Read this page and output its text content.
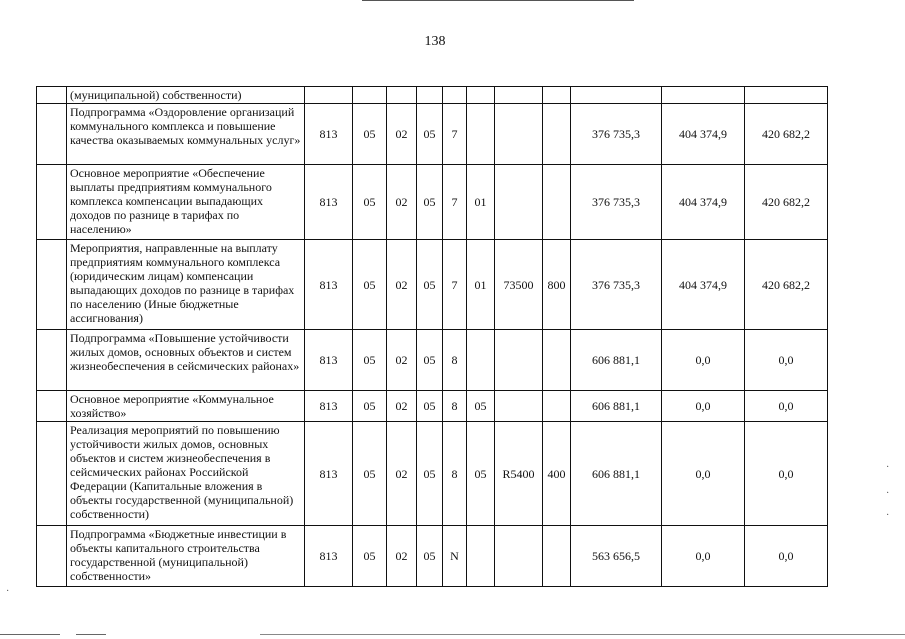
138
	(муниципальной) собственности)											
	Подпрограмма «Оздоровление организаций коммунального комплекса и повышение качества оказываемых коммунальных услуг»	813	05	02	05	7				376 735,3	404 374,9	420 682,2
	Основное мероприятие «Обеспечение выплаты предприятиям коммунального комплекса компенсации выпадающих доходов по разнице в тарифах по населению»	813	05	02	05	7	01			376 735,3	404 374,9	420 682,2
	Мероприятия, направленные на выплату предприятиям коммунального комплекса (юридическим лицам) компенсации выпадающих доходов по разнице в тарифах по населению (Иные бюджетные ассигнования)	813	05	02	05	7	01	73500	800	376 735,3	404 374,9	420 682,2
	Подпрограмма «Повышение устойчивости жилых домов, основных объектов и систем жизнеобеспечения в сейсмических районах»	813	05	02	05	8				606 881,1	0,0	0,0
	Основное мероприятие «Коммунальное хозяйство»	813	05	02	05	8	05			606 881,1	0,0	0,0
	Реализация мероприятий по повышению устойчивости жилых домов, основных объектов и систем жизнеобеспечения в сейсмических районах Российской Федерации (Капитальные вложения в объекты государственной (муниципальной) собственности)	813	05	02	05	8	05	R5400	400	606 881,1	0,0	0,0
	Подпрограмма «Бюджетные инвестиции в объекты капитального строительства государственной (муниципальной) собственности»	813	05	02	05	N				563 656,5	0,0	0,0
·
·
·
·
